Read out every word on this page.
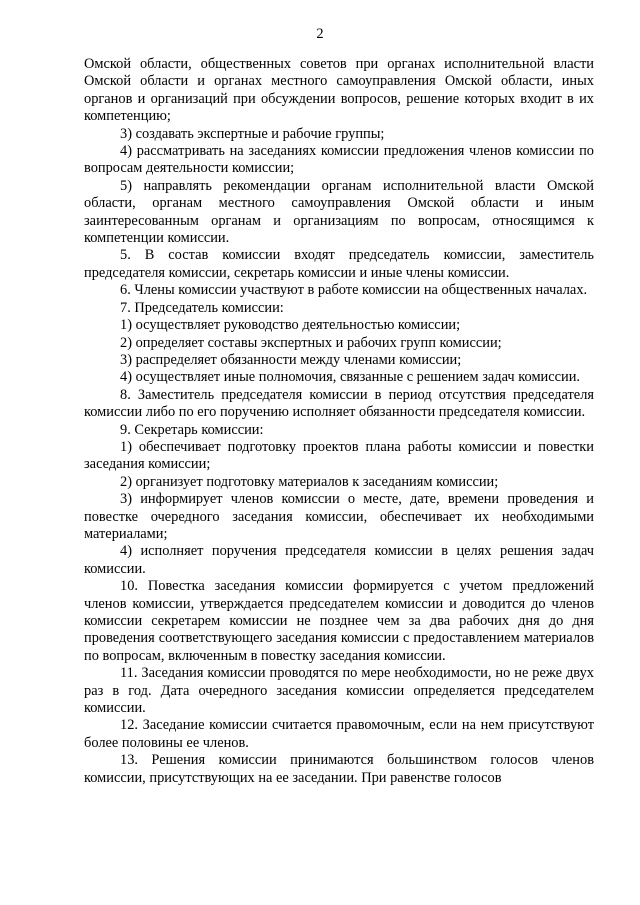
2

Омской области, общественных советов при органах исполнительной власти Омской области и органах местного самоуправления Омской области, иных органов и организаций при обсуждении вопросов, решение которых входит в их компетенцию;

3) создавать экспертные и рабочие группы;

4) рассматривать на заседаниях комиссии предложения членов комиссии по вопросам деятельности комиссии;

5) направлять рекомендации органам исполнительной власти Омской области, органам местного самоуправления Омской области и иным заинтересованным органам и организациям по вопросам, относящимся к компетенции комиссии.

5. В состав комиссии входят председатель комиссии, заместитель председателя комиссии, секретарь комиссии и иные члены комиссии.

6. Члены комиссии участвуют в работе комиссии на общественных началах.

7. Председатель комиссии:

1) осуществляет руководство деятельностью комиссии;

2) определяет составы экспертных и рабочих групп комиссии;

3) распределяет обязанности между членами комиссии;

4) осуществляет иные полномочия, связанные с решением задач комиссии.

8. Заместитель председателя комиссии в период отсутствия председателя комиссии либо по его поручению исполняет обязанности председателя комиссии.

9. Секретарь комиссии:

1) обеспечивает подготовку проектов плана работы комиссии и повестки заседания комиссии;

2) организует подготовку материалов к заседаниям комиссии;

3) информирует членов комиссии о месте, дате, времени проведения и повестке очередного заседания комиссии, обеспечивает их необходимыми материалами;

4) исполняет поручения председателя комиссии в целях решения задач комиссии.

10. Повестка заседания комиссии формируется с учетом предложений членов комиссии, утверждается председателем комиссии и доводится до членов комиссии секретарем комиссии не позднее чем за два рабочих дня до дня проведения соответствующего заседания комиссии с предоставлением материалов по вопросам, включенным в повестку заседания комиссии.

11. Заседания комиссии проводятся по мере необходимости, но не реже двух раз в год. Дата очередного заседания комиссии определяется председателем комиссии.

12. Заседание комиссии считается правомочным, если на нем присутствуют более половины ее членов.

13. Решения комиссии принимаются большинством голосов членов комиссии, присутствующих на ее заседании. При равенстве голосов
